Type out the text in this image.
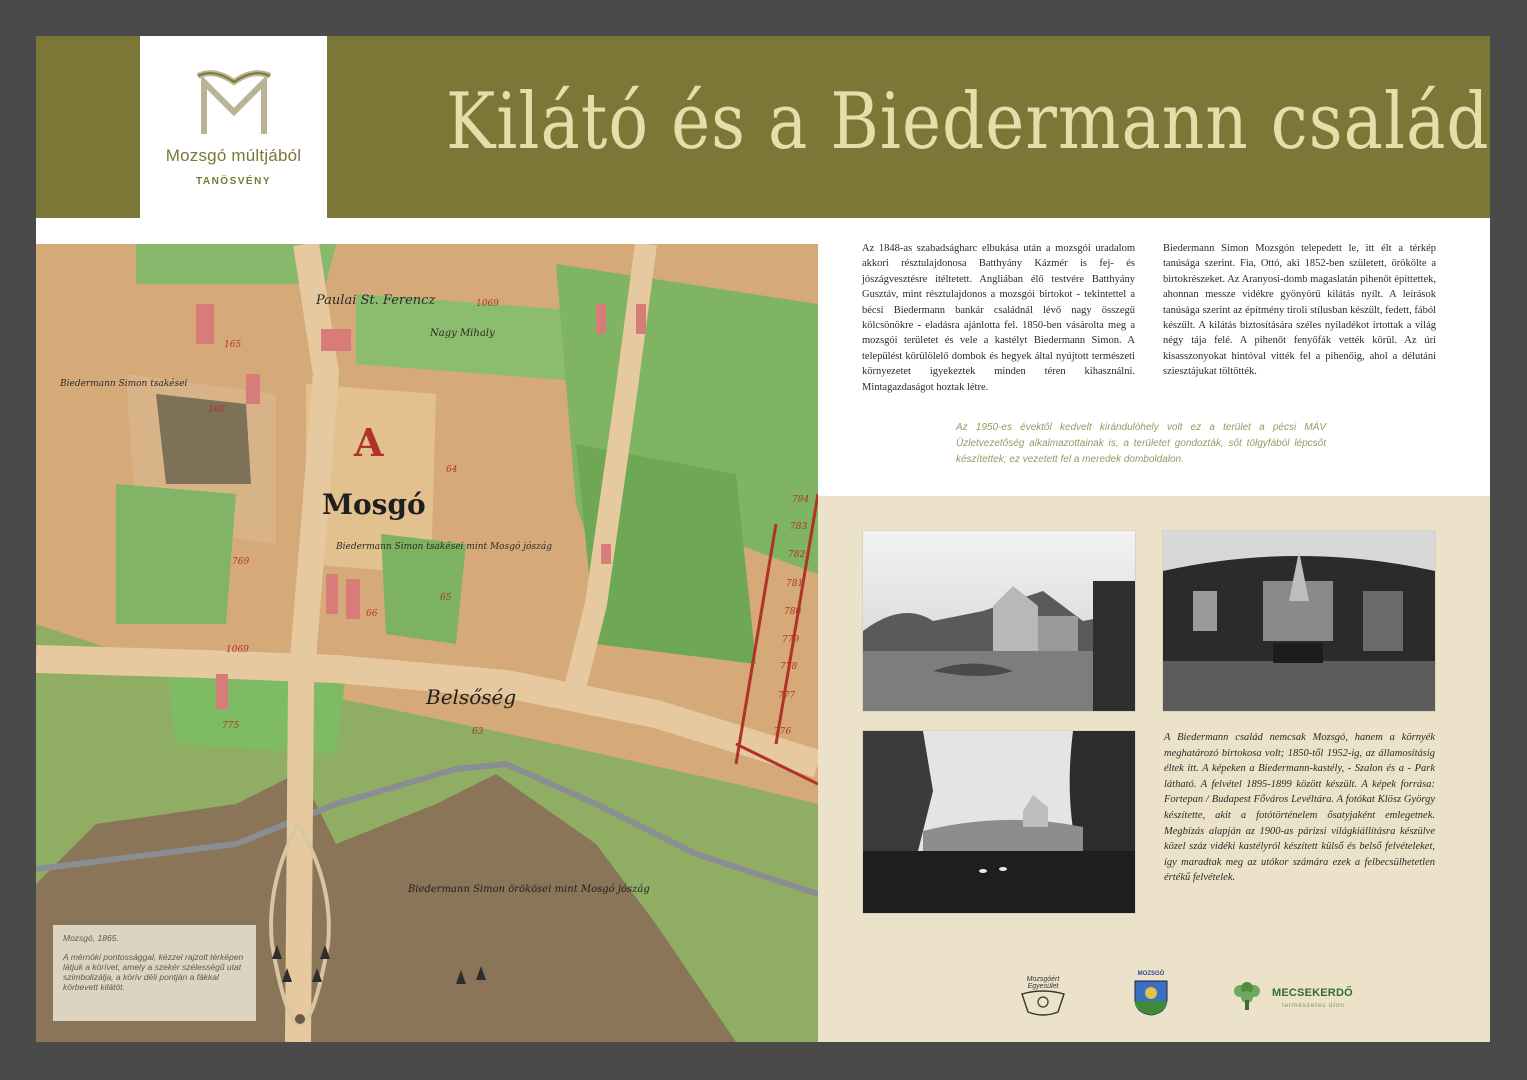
Mozsgó múltjából
TANÖSVÉNY
Kilátó és a Biedermann család
Paulai St. Ferencz
A
Mosgó
Belsőség
Nagy Mihaly
Biedermann Simon tsakései
Biedermann Simon tsakései mint Mosgó jószág
Biedermann Simon örökösei mint Mosgó jószág
1069
165
166
769
65
66
64
1069
775
776
777
778
779
780
781
782
783
784
63
Mozsgó, 1865.
A mérnöki pontossággal, kézzel rajzolt térképen látjuk a körívet, amely a szekér szélességű utat szimbolizálja, a körív déli pontján a fákkal körbevett kilátót.
Az 1848-as szabadságharc elbukása után a mozsgói uradalom akkori résztulajdonosa Batthyány Kázmér is fej- és jószágvesztésre ítéltetett. Angliában élő testvére Batthyány Gusztáv, mint résztulajdonos a mozsgói birtokot - tekintettel a bécsi Biedermann bankár családnál lévő nagy összegű kölcsönökre - eladásra ajánlotta fel. 1850-ben vásárolta meg a mozsgói területet és vele a kastélyt Biedermann Simon. A települést körülölelő dombok és hegyek által nyújtott természeti környezetet igyekeztek minden téren kihasználni. Mintagazdaságot hoztak létre.
Biedermann Simon Mozsgón telepedett le, itt élt a térkép tanúsága szerint. Fia, Ottó, aki 1852-ben született, örökölte a birtokrészeket. Az Aranyosi-domb magaslatán pihenőt építtettek, ahonnan messze vidékre gyönyörű kilátás nyílt. A leírások tanúsága szerint az építmény tiroli stílusban készült, fedett, fából készült. A kilátás biztosítására széles nyiladékot irtottak a világ négy tája felé. A pihenőt fenyőfák vették körül. Az úri kisasszonyokat hintóval vitték fel a pihenőig, ahol a délutáni sziesztájukat töltötték.
Az 1950-es évektől kedvelt kirándulóhely volt ez a terület a pécsi MÁV Üzletvezetőség alkalmazottainak is, a területet gondozták, sőt tölgyfából lépcsőt készítettek; ez vezetett fel a meredek domboldalon.
A Biedermann család nemcsak Mozsgó, hanem a környék meghatározó birtokosa volt; 1850-től 1952-ig, az államosításig éltek itt. A képeken a Biedermann-kastély, - Szalon és a - Park látható. A felvétel 1895-1899 között készült. A képek forrása: Fortepan / Budapest Főváros Levéltára. A fotókat Klösz György készítette, akit a fotótörténelem ősatyjaként emlegetnek. Megbízás alapján az 1900-as párizsi világkiállításra készülve közel száz vidéki kastélyról készített külső és belső felvételeket, így maradtak meg az utókor számára ezek a felbecsülhetetlen értékű felvételek.
Mozsgóért Egyesület
MOZSGÓ
MECSEKERDŐ
természetes úton
